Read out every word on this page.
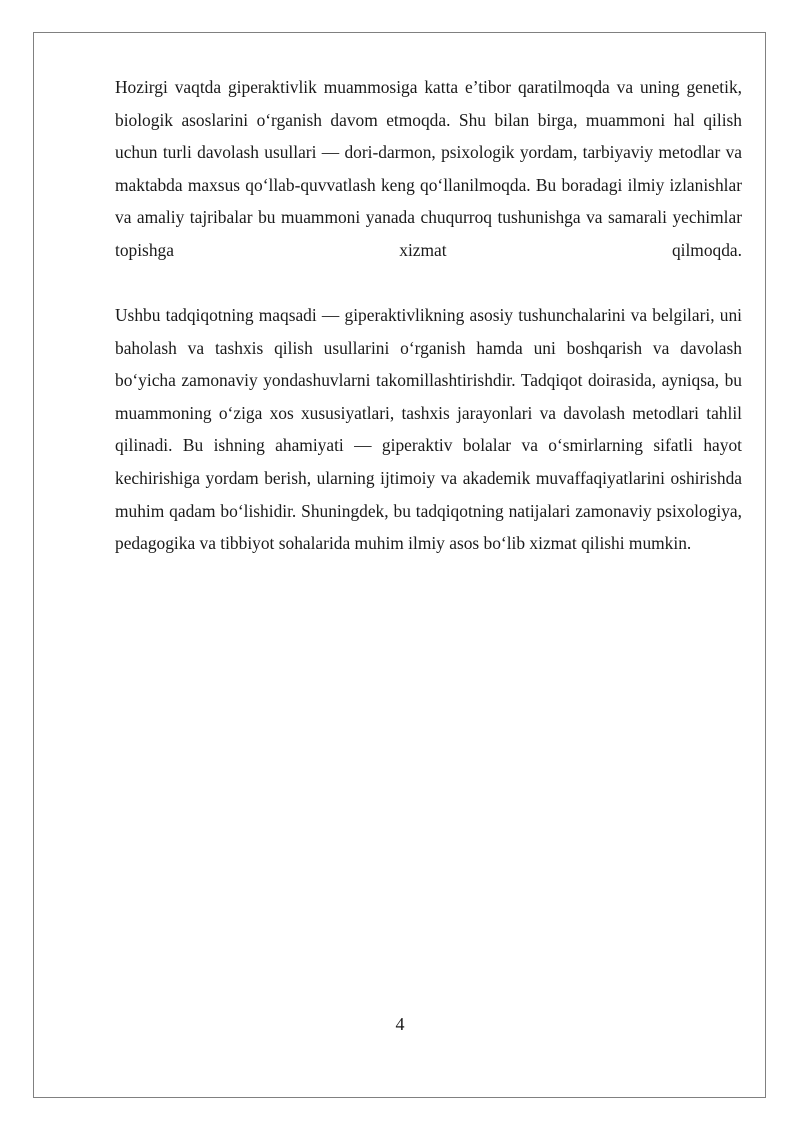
Hozirgi vaqtda giperaktivlik muammosiga katta e’tibor qaratilmoqda va uning genetik, biologik asoslarini o‘rganish davom etmoqda. Shu bilan birga, muammoni hal qilish uchun turli davolash usullari — dori-darmon, psixologik yordam, tarbiyaviy metodlar va maktabda maxsus qo‘llab-quvvatlash keng qo‘llanilmoqda. Bu boradagi ilmiy izlanishlar va amaliy tajribalar bu muammoni yanada chuqurroq tushunishga va samarali yechimlar topishga xizmat qilmoqda.

Ushbu tadqiqotning maqsadi — giperaktivlikning asosiy tushunchalarini va belgilari, uni baholash va tashxis qilish usullarini o‘rganish hamda uni boshqarish va davolash bo‘yicha zamonaviy yondashuvlarni takomillashtirishdir. Tadqiqot doirasida, ayniqsa, bu muammoning o‘ziga xos xususiyatlari, tashxis jarayonlari va davolash metodlari tahlil qilinadi. Bu ishning ahamiyati — giperaktiv bolalar va o‘smirlarning sifatli hayot kechirishiga yordam berish, ularning ijtimoiy va akademik muvaffaqiyatlarini oshirishda muhim qadam bo‘lishidir. Shuningdek, bu tadqiqotning natijalari zamonaviy psixologiya, pedagogika va tibbiyot sohalarida muhim ilmiy asos bo‘lib xizmat qilishi mumkin.

4
